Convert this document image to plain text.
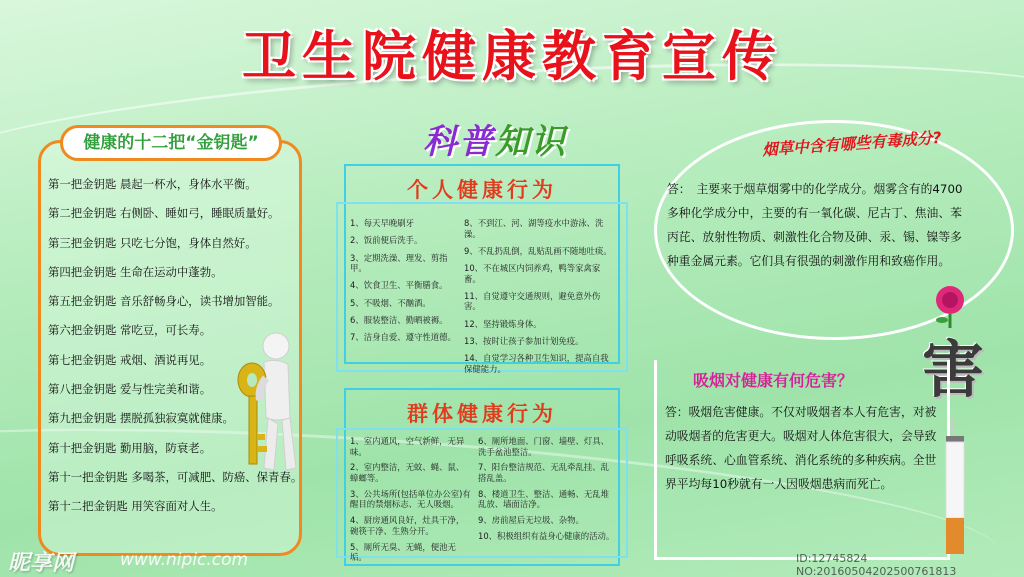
卫生院健康教育宣传
健康的十二把“金钥匙”
第一把金钥匙 晨起一杯水，身体水平衡。
第二把金钥匙 右侧卧、睡如弓，睡眠质量好。
第三把金钥匙 只吃七分饱，身体自然好。
第四把金钥匙 生命在运动中蓬勃。
第五把金钥匙 音乐舒畅身心，读书增加智能。
第六把金钥匙 常吃豆，可长寿。
第七把金钥匙 戒烟、酒说再见。
第八把金钥匙 爱与性完美和谐。
第九把金钥匙 摆脱孤独寂寞就健康。
第十把金钥匙 勤用脑，防衰老。
第十一把金钥匙 多喝茶，可减肥、防癌、保青春。
第十二把金钥匙 用笑容面对人生。
科普知识
个人健康行为
1、每天早晚刷牙
2、饭前便后洗手。
3、定期洗澡、理发、剪指甲。
4、饮食卫生、平衡膳食。
5、不吸烟、不酗酒。
6、服装整洁、勤晒被褥。
7、洁身自爱、遵守性道德。
8、不到江、河、湖等疫水中游泳、洗澡。
9、不乱扔乱倒，乱贴乱画不随地吐痰。
10、不在城区内饲养鸡，鸭等家禽家畜。
11、自觉遵守交通规则，避免意外伤害。
12、坚持锻炼身体。
13、按时让孩子参加计划免疫。
14、自觉学习各种卫生知识，提高自我保健能力。
群体健康行为
1、室内通风，空气新鲜，无异味。
2、室内整洁，无蚊、蝇、鼠、蟑螂等。
3、公共场所(包括单位办公室)有醒目的禁烟标志、无人吸烟。
4、厨房通风良好，灶具干净，碗筷干净、生熟分开。
5、厕所无臭、无蝇，便池无垢。
6、厕所地面、门窗、墙壁、灯具、洗手盆池整洁。
7、阳台整洁规范、无乱牵乱挂、乱搭乱盖。
8、楼道卫生、整洁、通畅、无乱堆乱放、墙面洁净。
9、房前屋后无垃圾、杂物。
10、积极组织有益身心健康的活动。
烟草中含有哪些有毒成分?
答：　主要来于烟草烟雾中的化学成分。烟雾含有的4700多种化学成分中，主要的有一氧化碳、尼古丁、焦油、苯丙芘、放射性物质、刺激性化合物及砷、汞、锡、镍等多种重金属元素。它们具有很强的刺激作用和致癌作用。
害
吸烟对健康有何危害？
答：吸烟危害健康。不仅对吸烟者本人有危害，对被动吸烟者的危害更大。吸烟对人体危害很大，会导致呼吸系统、心血管系统、消化系统的多种疾病。全世界平均每10秒就有一人因吸烟患病而死亡。
昵享网	www.nipic.com	ID:12745824 NO:20160504202500761813
